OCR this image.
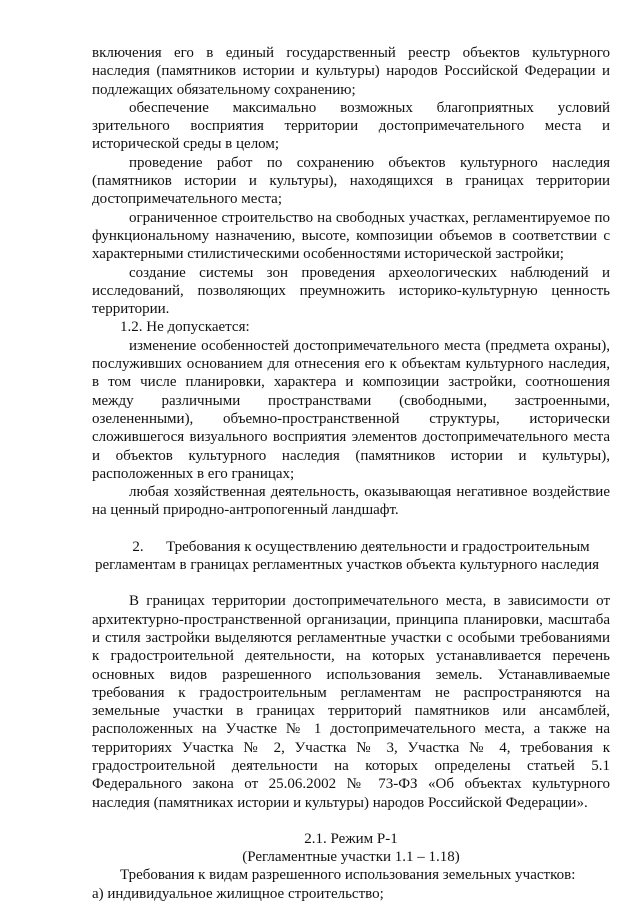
включения его в единый государственный реестр объектов культурного наследия (памятников истории и культуры) народов Российской Федерации и подлежащих обязательному сохранению;

обеспечение максимально возможных благоприятных условий зрительного восприятия территории достопримечательного места и исторической среды в целом;

проведение работ по сохранению объектов культурного наследия (памятников истории и культуры), находящихся в границах территории достопримечательного места;

ограниченное строительство на свободных участках, регламентируемое по функциональному назначению, высоте, композиции объемов в соответствии с характерными стилистическими особенностями исторической застройки;

создание системы зон проведения археологических наблюдений и исследований, позволяющих преумножить историко-культурную ценность территории.

1.2. Не допускается:

изменение особенностей достопримечательного места (предмета охраны), послуживших основанием для отнесения его к объектам культурного наследия, в том числе планировки, характера и композиции застройки, соотношения между различными пространствами (свободными, застроенными, озелененными), объемно-пространственной структуры, исторически сложившегося визуального восприятия элементов достопримечательного места и объектов культурного наследия (памятников истории и культуры), расположенных в его границах;

любая хозяйственная деятельность, оказывающая негативное воздействие на ценный природно-антропогенный ландшафт.

2. Требования к осуществлению деятельности и градостроительным
регламентам в границах регламентных участков объекта культурного наследия

В границах территории достопримечательного места, в зависимости от архитектурно-пространственной организации, принципа планировки, масштаба и стиля застройки выделяются регламентные участки с особыми требованиями к градостроительной деятельности, на которых устанавливается перечень основных видов разрешенного использования земель. Устанавливаемые требования к градостроительным регламентам не распространяются на земельные участки в границах территорий памятников или ансамблей, расположенных на Участке № 1 достопримечательного места, а также на территориях Участка № 2, Участка № 3, Участка № 4, требования к градостроительной деятельности на которых определены статьей 5.1 Федерального закона от 25.06.2002 № 73-ФЗ «Об объектах культурного наследия (памятниках истории и культуры) народов Российской Федерации».

2.1. Режим Р-1
(Регламентные участки 1.1 – 1.18)

Требования к видам разрешенного использования земельных участков:

а) индивидуальное жилищное строительство;
